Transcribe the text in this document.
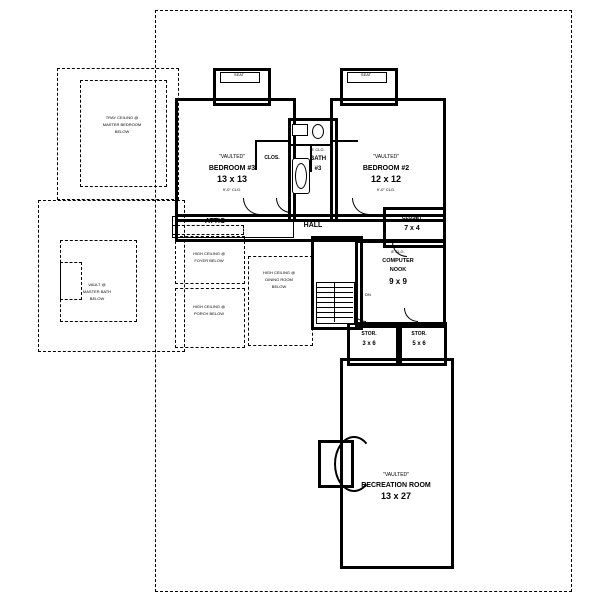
SEAT	SEAT
"VAULTED"
BEDROOM #3
13 x 13
9'-0" CLG.
"VAULTED"
BEDROOM #2
12 x 12
9'-0" CLG.
CLOS.
8' CLG.
BATH
#3
ATTIC
HALL
CLOSET
7 x 4
8' CLG.
COMPUTER
NOOK
9 x 9
DN
STOR.
3 x 6
STOR.
5 x 6
"VAULTED"
RECREATION ROOM
13 x 27
TRAY CEILING @
MASTER BEDROOM
BELOW
VAULT @
MASTER BATH
BELOW
HIGH CEILING @
FOYER BELOW
HIGH CEILING @
PORCH BELOW
HIGH CEILING @
DINING ROOM
BELOW
